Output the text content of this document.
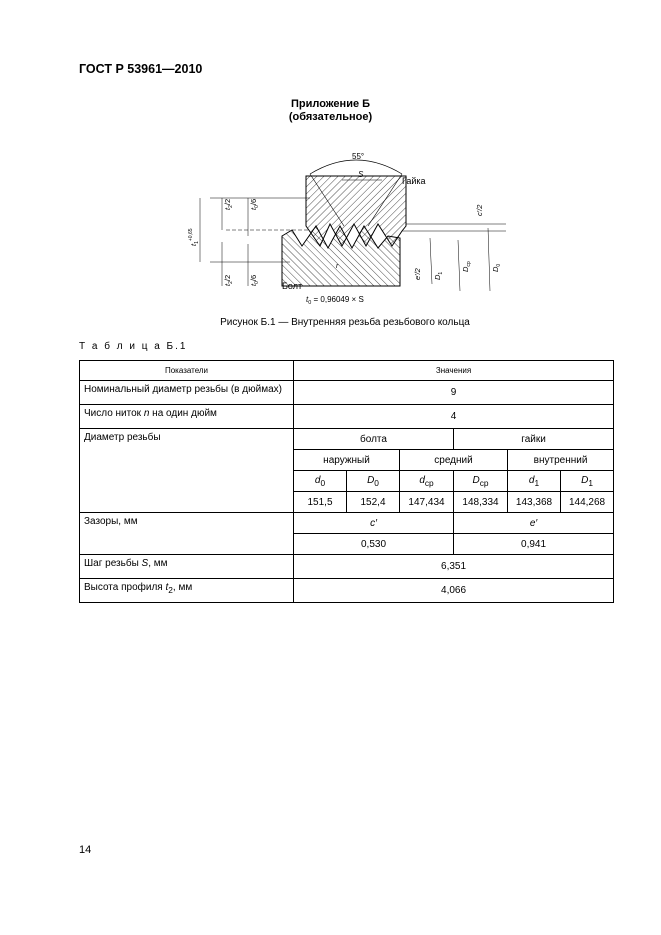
ГОСТ Р 53961—2010
Приложение Б
(обязательное)
55°
S
Гайка
Болт
$t_2/2$
$t_0/6$
$t_1^{+0,65}$
$t_2/2$
$t_0/6$
c′/2
e′/2 $D_1$
$D_{ср}$
$D_0$
r
$t_0 = 0,96049 \times S$
Рисунок Б.1 — Внутренняя резьба резьбового кольца
Т а б л и ц а Б.1
Показатели	Значения					
Номинальный диаметр резьбы (в дюймах)	9					
Число ниток n на один дюйм	4					
Диаметр резьбы	болта			гайки		
	наружный		средний		внутренний	
	$d_0$	$D_0$	$d_{ср}$	$D_{ср}$	$d_1$	$D_1$
	151,5	152,4	147,434	148,334	143,368	144,268
Зазоры, мм	c′			e′		
	0,530			0,941		
Шаг резьбы S, мм	6,351					
Высота профиля $t_2$, мм	4,066					
14
